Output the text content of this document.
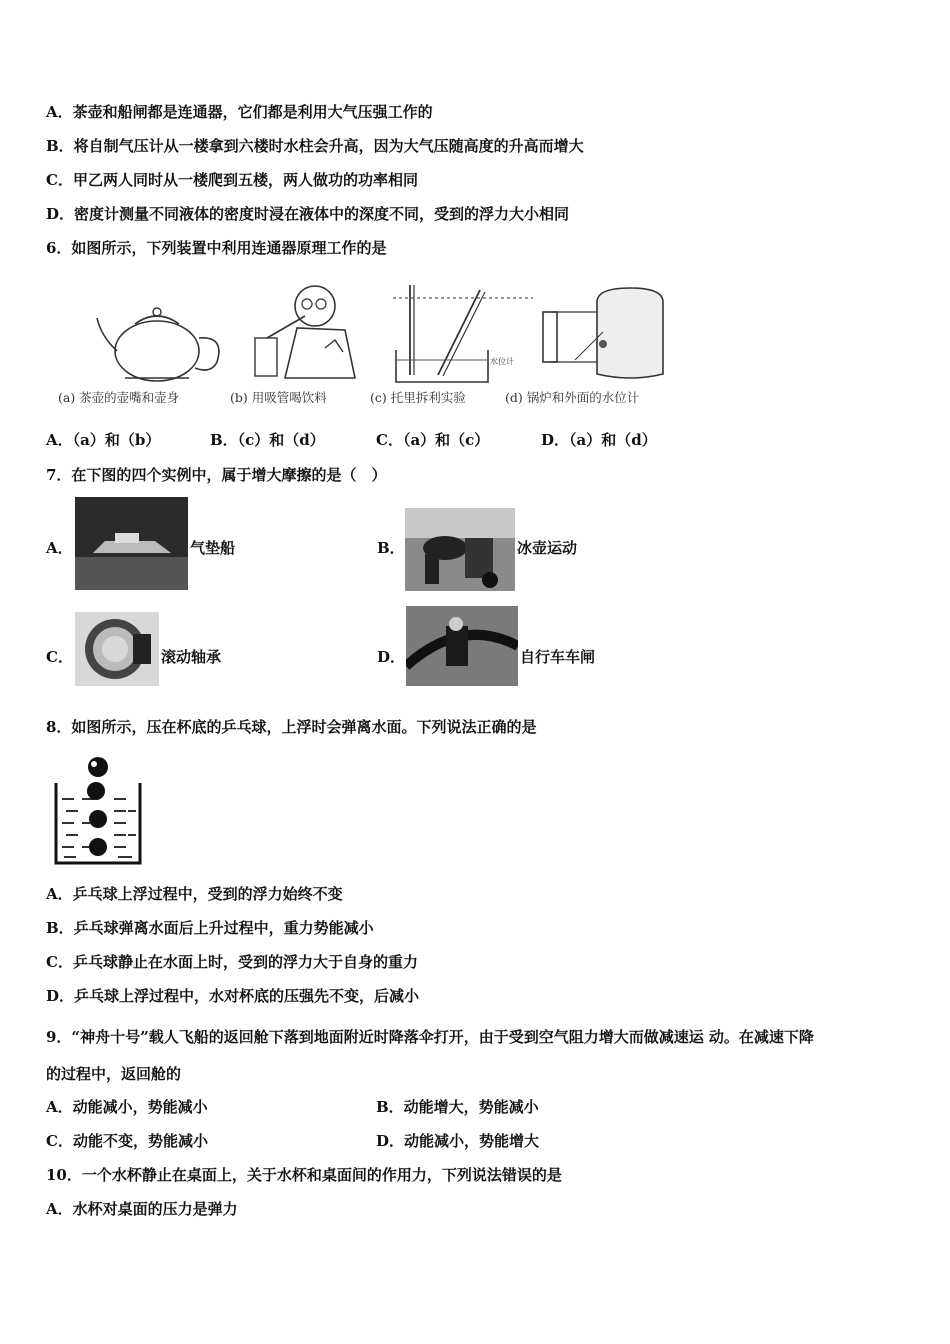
A．茶壶和船闸都是连通器，它们都是利用大气压强工作的
B．将自制气压计从一楼拿到六楼时水柱会升高，因为大气压随高度的升高而增大
C．甲乙两人同时从一楼爬到五楼，两人做功的功率相同
D．密度计测量不同液体的密度时浸在液体中的深度不同，受到的浮力大小相同
6．如图所示，下列装置中利用连通器原理工作的是
水位计
(a) 茶壶的壶嘴和壶身	(b) 用吸管喝饮料	(c) 托里拆利实验	(d) 锅炉和外面的水位计
A．（a）和（b）	B．（c）和（d）	C．（a）和（c）	D．（a）和（d）
7．在下图的四个实例中，属于增大摩擦的是（　）
A．	气垫船	B．	冰壶运动
C．	滚动轴承	D．	自行车车闸
8．如图所示，压在杯底的乒乓球，上浮时会弹离水面。下列说法正确的是
A．乒乓球上浮过程中，受到的浮力始终不变
B．乒乓球弹离水面后上升过程中，重力势能减小
C．乒乓球静止在水面上时，受到的浮力大于自身的重力
D．乒乓球上浮过程中，水对杯底的压强先不变，后减小
9．“神舟十号”载人飞船的返回舱下落到地面附近时降落伞打开，由于受到空气阻力增大而做减速运 动。在减速下降
的过程中，返回舱的
A．动能减小，势能减小	B．动能增大，势能减小
C．动能不变，势能减小	D．动能减小，势能增大
10．一个水杯静止在桌面上，关于水杯和桌面间的作用力，下列说法错误的是
A．水杯对桌面的压力是弹力
